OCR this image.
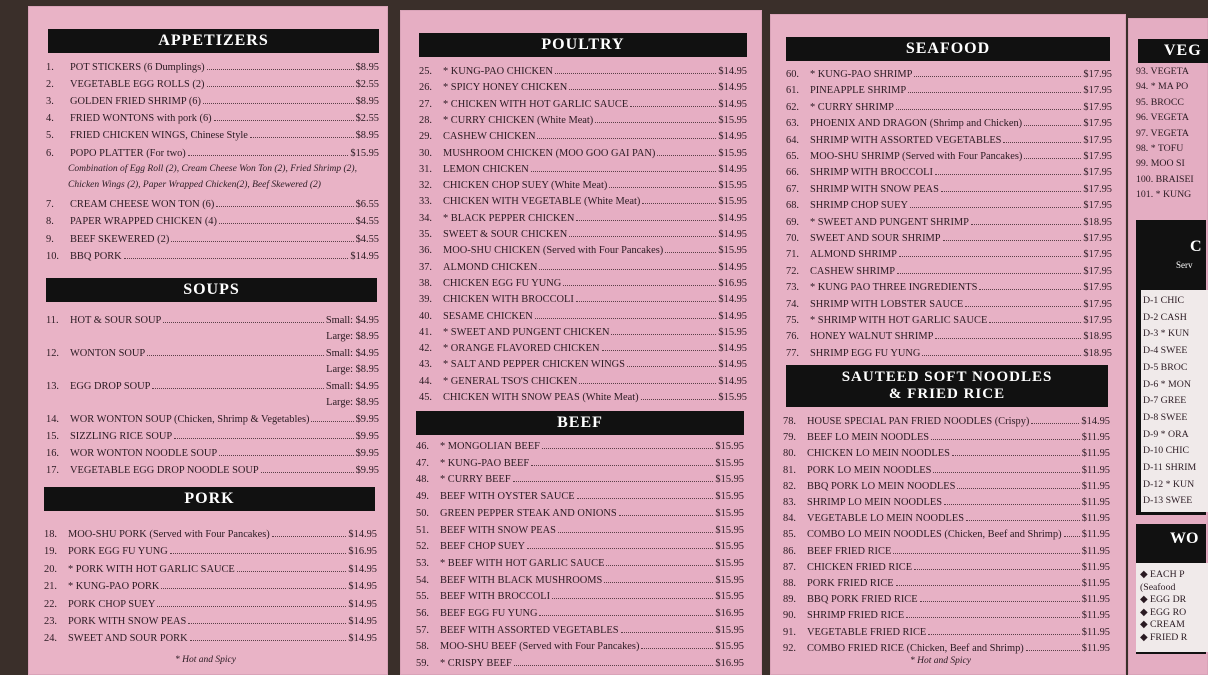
APPETIZERS
SOUPS
PORK
POULTRY
BEEF
SEAFOOD
SAUTEED SOFT NOODLES
& FRIED RICE
Combination of Egg Roll (2), Cream Cheese Won Ton (2), Fried Shrimp (2),
Chicken Wings (2), Paper Wrapped Chicken(2), Beef Skewered (2)
* Hot and Spicy	* Hot and Spicy
VEG
93. VEGETA
94. * MA PO
95. BROCC
96. VEGETA
97. VEGETA
98. * TOFU
99. MOO SI
100. BRAISEI
101. * KUNG
C
Serv
D-1 CHIC
D-2 CASH
D-3 * KUN
D-4 SWEE
D-5 BROC
D-6 * MON
D-7 GREE
D-8 SWEE
D-9 * ORA
D-10 CHIC
D-11 SHRIM
D-12 * KUN
D-13 SWEE
WO
◆ EACH P
(Seafood
◆ EGG DR
◆ EGG RO
◆ CREAM
◆ FRIED R
1.	POT STICKERS (6 Dumplings)	$8.95
2.	VEGETABLE EGG ROLLS (2)	$2.55
3.	GOLDEN FRIED SHRIMP (6)	$8.95
4.	FRIED WONTONS with pork (6)	$2.55
5.	FRIED CHICKEN WINGS, Chinese Style	$8.95
6.	POPO PLATTER (For two)	$15.95
7.	CREAM CHEESE WON TON (6)	$6.55
8.	PAPER WRAPPED CHICKEN (4)	$4.55
9.	BEEF SKEWERED (2)	$4.55
10.	BBQ PORK	$14.95
11.	HOT & SOUR SOUP	Small: $4.95
Large: $8.95
12.	WONTON SOUP	Small: $4.95
Large: $8.95
13.	EGG DROP SOUP	Small: $4.95
Large: $8.95
14.	WOR WONTON SOUP (Chicken, Shrimp & Vegetables)	$9.95
15.	SIZZLING RICE SOUP	$9.95
16.	WOR WONTON NOODLE SOUP	$9.95
17.	VEGETABLE EGG DROP NOODLE SOUP	$9.95
18.	MOO-SHU PORK (Served with Four Pancakes)	$14.95
19.	PORK EGG FU YUNG	$16.95
20.	* PORK WITH HOT GARLIC SAUCE	$14.95
21.	* KUNG-PAO PORK	$14.95
22.	PORK CHOP SUEY	$14.95
23.	PORK WITH SNOW PEAS	$14.95
24.	SWEET AND SOUR PORK	$14.95
25.	* KUNG-PAO CHICKEN	$14.95
26.	* SPICY HONEY CHICKEN	$14.95
27.	* CHICKEN WITH HOT GARLIC SAUCE	$14.95
28.	* CURRY CHICKEN (White Meat)	$15.95
29.	CASHEW CHICKEN	$14.95
30.	MUSHROOM CHICKEN (MOO GOO GAI PAN)	$15.95
31.	LEMON CHICKEN	$14.95
32.	CHICKEN CHOP SUEY (White Meat)	$15.95
33.	CHICKEN WITH VEGETABLE (White Meat)	$15.95
34.	* BLACK PEPPER CHICKEN	$14.95
35.	SWEET & SOUR CHICKEN	$14.95
36.	MOO-SHU CHICKEN (Served with Four Pancakes)	$15.95
37.	ALMOND CHICKEN	$14.95
38.	CHICKEN EGG FU YUNG	$16.95
39.	CHICKEN WITH BROCCOLI	$14.95
40.	SESAME CHICKEN	$14.95
41.	* SWEET AND PUNGENT CHICKEN	$15.95
42.	* ORANGE FLAVORED CHICKEN	$14.95
43.	* SALT AND PEPPER CHICKEN WINGS	$14.95
44.	* GENERAL TSO'S CHICKEN	$14.95
45.	CHICKEN WITH SNOW PEAS (White Meat)	$15.95
46.	* MONGOLIAN BEEF	$15.95
47.	* KUNG-PAO BEEF	$15.95
48.	* CURRY BEEF	$15.95
49.	BEEF WITH OYSTER SAUCE	$15.95
50.	GREEN PEPPER STEAK AND ONIONS	$15.95
51.	BEEF WITH SNOW PEAS	$15.95
52.	BEEF CHOP SUEY	$15.95
53.	* BEEF WITH HOT GARLIC SAUCE	$15.95
54.	BEEF WITH BLACK MUSHROOMS	$15.95
55.	BEEF WITH BROCCOLI	$15.95
56.	BEEF EGG FU YUNG	$16.95
57.	BEEF WITH ASSORTED VEGETABLES	$15.95
58.	MOO-SHU BEEF (Served with Four Pancakes)	$15.95
59.	* CRISPY BEEF	$16.95
60.	* KUNG-PAO SHRIMP	$17.95
61.	PINEAPPLE SHRIMP	$17.95
62.	* CURRY SHRIMP	$17.95
63.	PHOENIX AND DRAGON (Shrimp and Chicken)	$17.95
64.	SHRIMP WITH ASSORTED VEGETABLES	$17.95
65.	MOO-SHU SHRIMP (Served with Four Pancakes)	$17.95
66.	SHRIMP WITH BROCCOLI	$17.95
67.	SHRIMP WITH SNOW PEAS	$17.95
68.	SHRIMP CHOP SUEY	$17.95
69.	* SWEET AND PUNGENT SHRIMP	$18.95
70.	SWEET AND SOUR SHRIMP	$17.95
71.	ALMOND SHRIMP	$17.95
72.	CASHEW SHRIMP	$17.95
73.	* KUNG PAO THREE INGREDIENTS	$17.95
74.	SHRIMP WITH LOBSTER SAUCE	$17.95
75.	* SHRIMP WITH HOT GARLIC SAUCE	$17.95
76.	HONEY WALNUT SHRIMP	$18.95
77.	SHRIMP EGG FU YUNG	$18.95
78.	HOUSE SPECIAL PAN FRIED NOODLES (Crispy)	$14.95
79.	BEEF LO MEIN NOODLES	$11.95
80.	CHICKEN LO MEIN NOODLES	$11.95
81.	PORK LO MEIN NOODLES	$11.95
82.	BBQ PORK LO MEIN NOODLES	$11.95
83.	SHRIMP LO MEIN NOODLES	$11.95
84.	VEGETABLE LO MEIN NOODLES	$11.95
85.	COMBO LO MEIN NOODLES (Chicken, Beef and Shrimp) $11.95
86.	BEEF FRIED RICE	$11.95
87.	CHICKEN FRIED RICE	$11.95
88.	PORK FRIED RICE	$11.95
89.	BBQ PORK FRIED RICE	$11.95
90.	SHRIMP FRIED RICE	$11.95
91.	VEGETABLE FRIED RICE	$11.95
92.	COMBO FRIED RICE (Chicken, Beef and Shrimp)	$11.95
